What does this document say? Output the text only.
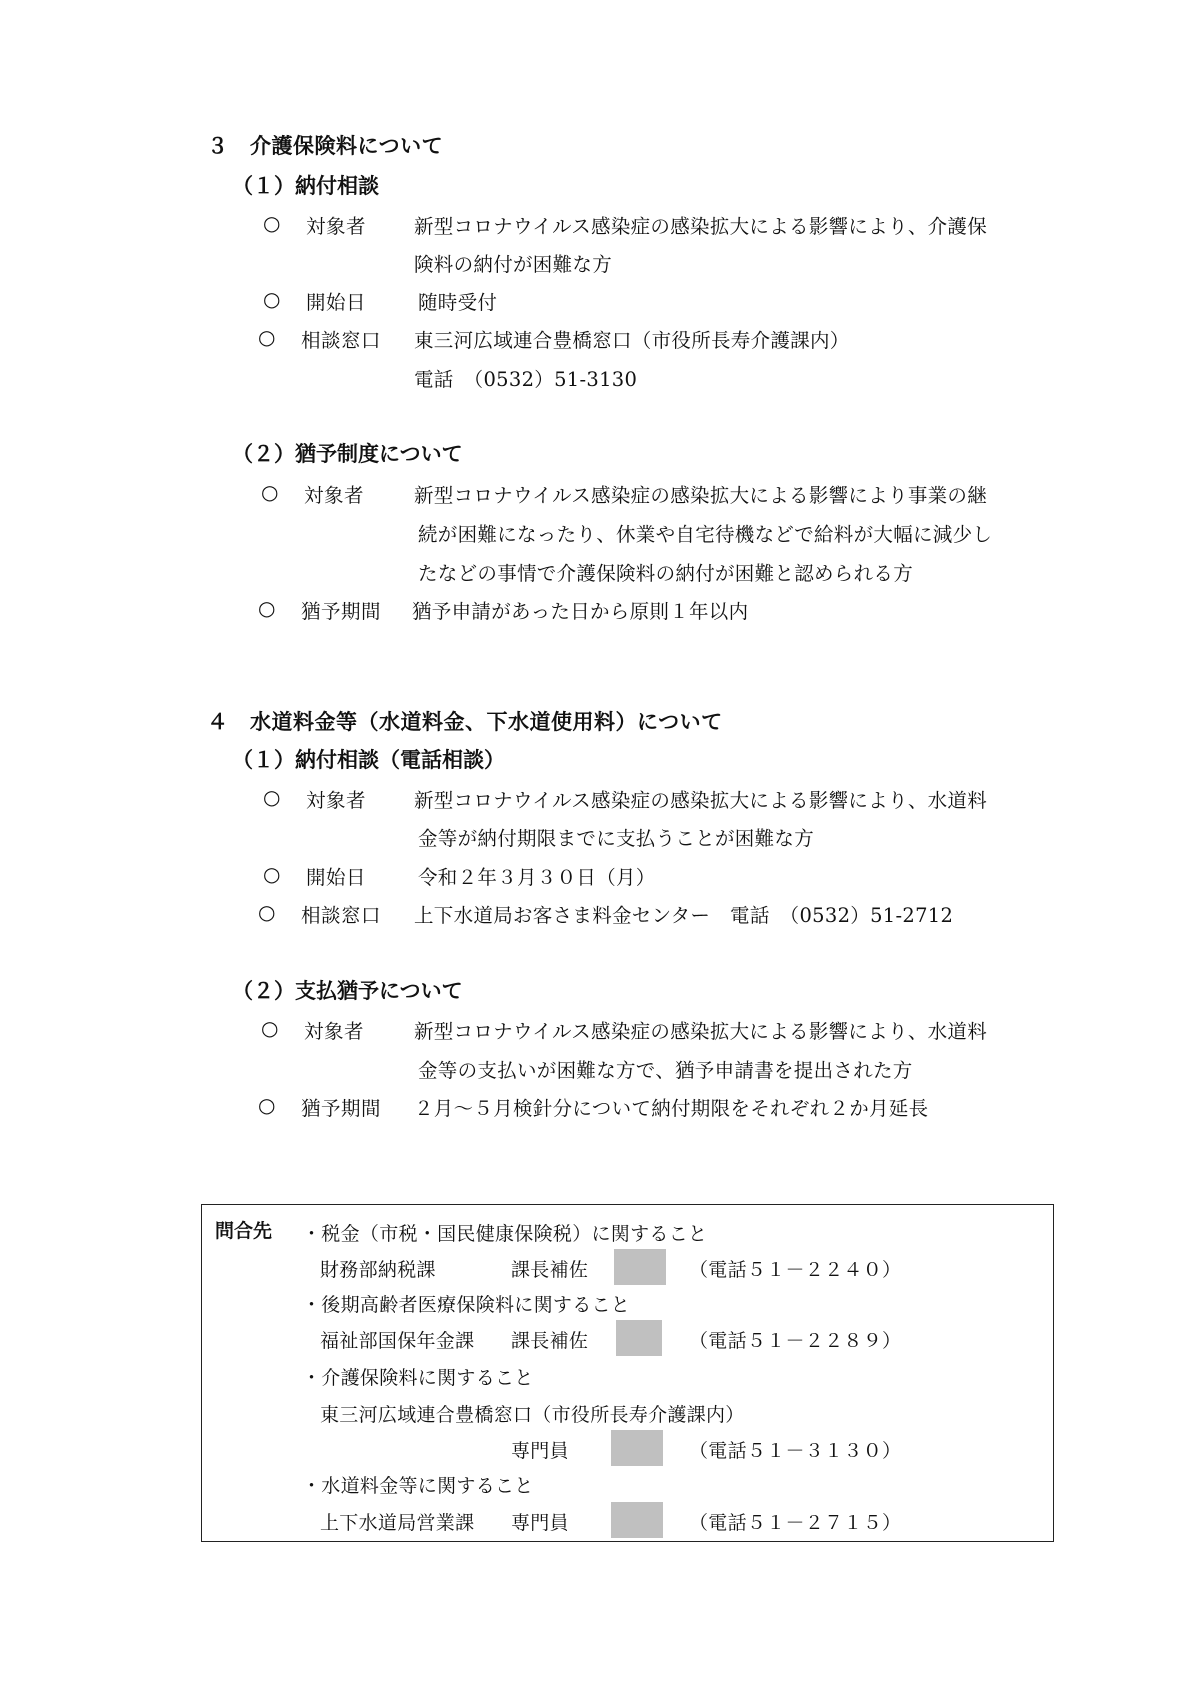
３　介護保険料について
（１）納付相談
○ 対象者 新型コロナウイルス感染症の感染拡大による影響により、介護保
険料の納付が困難な方
○ 開始日	随時受付
○ 相談窓口 東三河広域連合豊橋窓口（市役所長寿介護課内）
電話　（0532）51-3130
（２）猶予制度について
○ 対象者	新型コロナウイルス感染症の感染拡大による影響により事業の継
続が困難になったり、休業や自宅待機などで給料が大幅に減少し
たなどの事情で介護保険料の納付が困難と認められる方
○ 猶予期間 猶予申請があった日から原則１年以内
４　水道料金等（水道料金、下水道使用料）について
（１）納付相談（電話相談）
○ 対象者 新型コロナウイルス感染症の感染拡大による影響により、水道料
金等が納付期限までに支払うことが困難な方
○ 開始日	令和２年３月３０日（月）
○ 相談窓口 上下水道局お客さま料金センター　電話　（0532）51-2712
（２）支払猶予について
○ 対象者	新型コロナウイルス感染症の感染拡大による影響により、水道料
金等の支払いが困難な方で、猶予申請書を提出された方
○ 猶予期間 ２月～５月検針分について納付期限をそれぞれ２か月延長
問合先 ・税金（市税・国民健康保険税）に関すること
財務部納税課	課長補佐	（電話５１－２２４０）
・後期高齢者医療保険料に関すること
福祉部国保年金課 課長補佐	（電話５１－２２８９）
・介護保険料に関すること
東三河広域連合豊橋窓口（市役所長寿介護課内）
専門員	（電話５１－３１３０）
・水道料金等に関すること
上下水道局営業課 専門員	（電話５１－２７１５）
